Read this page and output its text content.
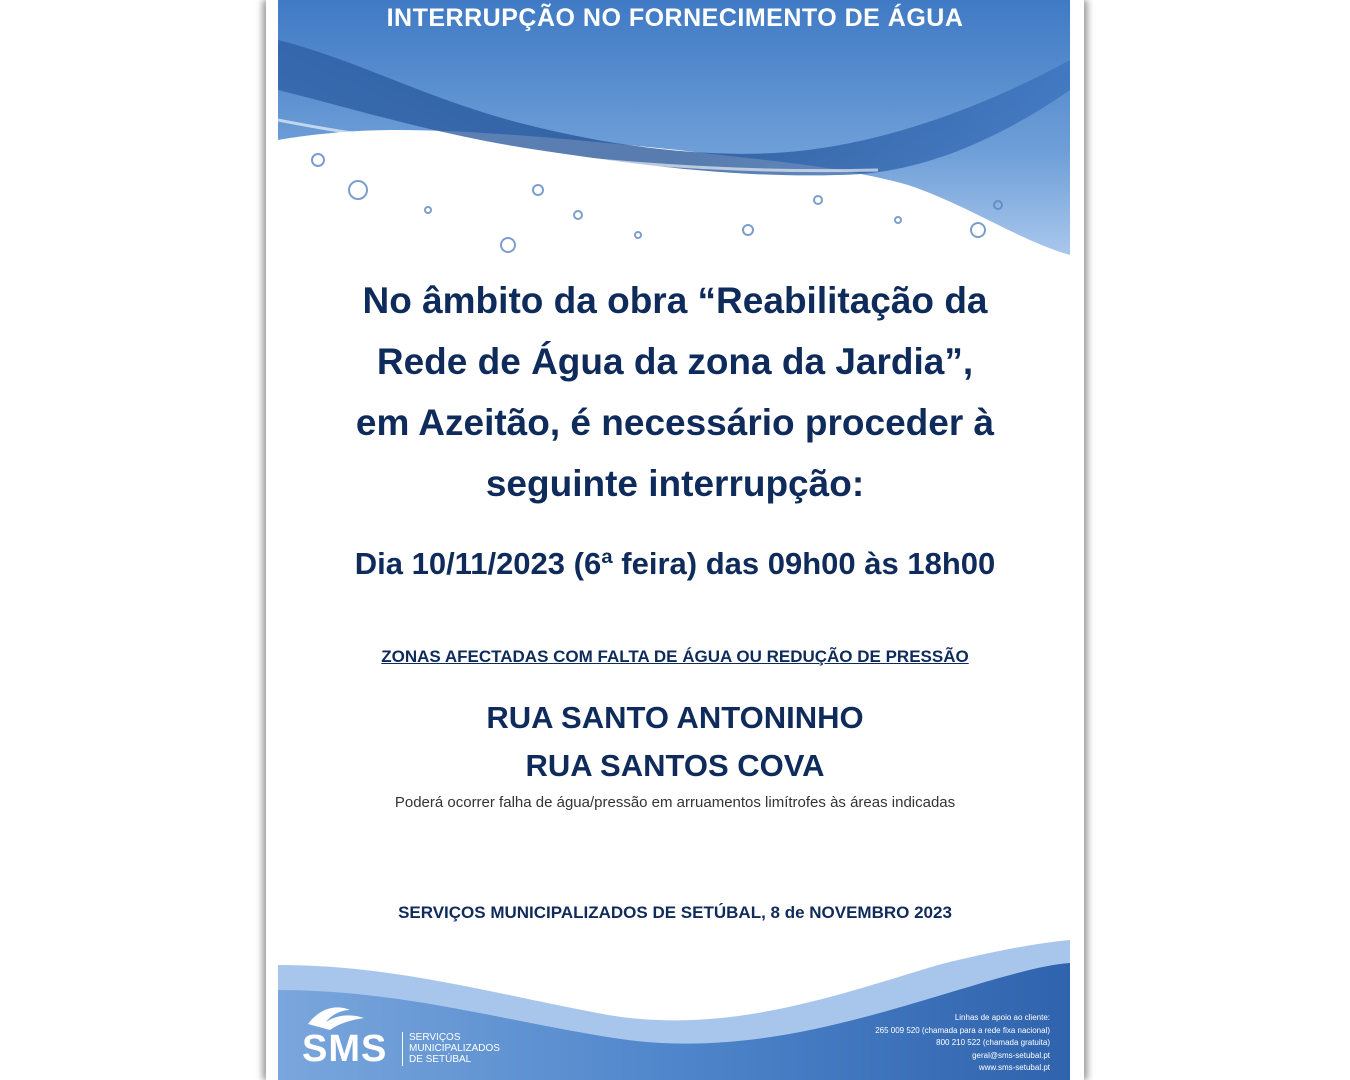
INTERRUPÇÃO NO FORNECIMENTO DE ÁGUA
No âmbito da obra “Reabilitação da
Rede de Água da zona da Jardia”,
em Azeitão, é necessário proceder à
seguinte interrupção:
Dia 10/11/2023 (6ª feira) das 09h00 às 18h00
ZONAS AFECTADAS COM FALTA DE ÁGUA OU REDUÇÃO DE PRESSÃO
RUA SANTO ANTONINHO
RUA SANTOS COVA
Poderá ocorrer falha de água/pressão em arruamentos limítrofes às áreas indicadas
SERVIÇOS MUNICIPALIZADOS DE SETÚBAL, 8 de NOVEMBRO 2023
SMS SERVIÇOS
MUNICIPALIZADOS
DE SETÚBAL
Linhas de apoio ao cliente:
265 009 520 (chamada para a rede fixa nacional)
800 210 522 (chamada gratuita)
geral@sms-setubal.pt
www.sms-setubal.pt
